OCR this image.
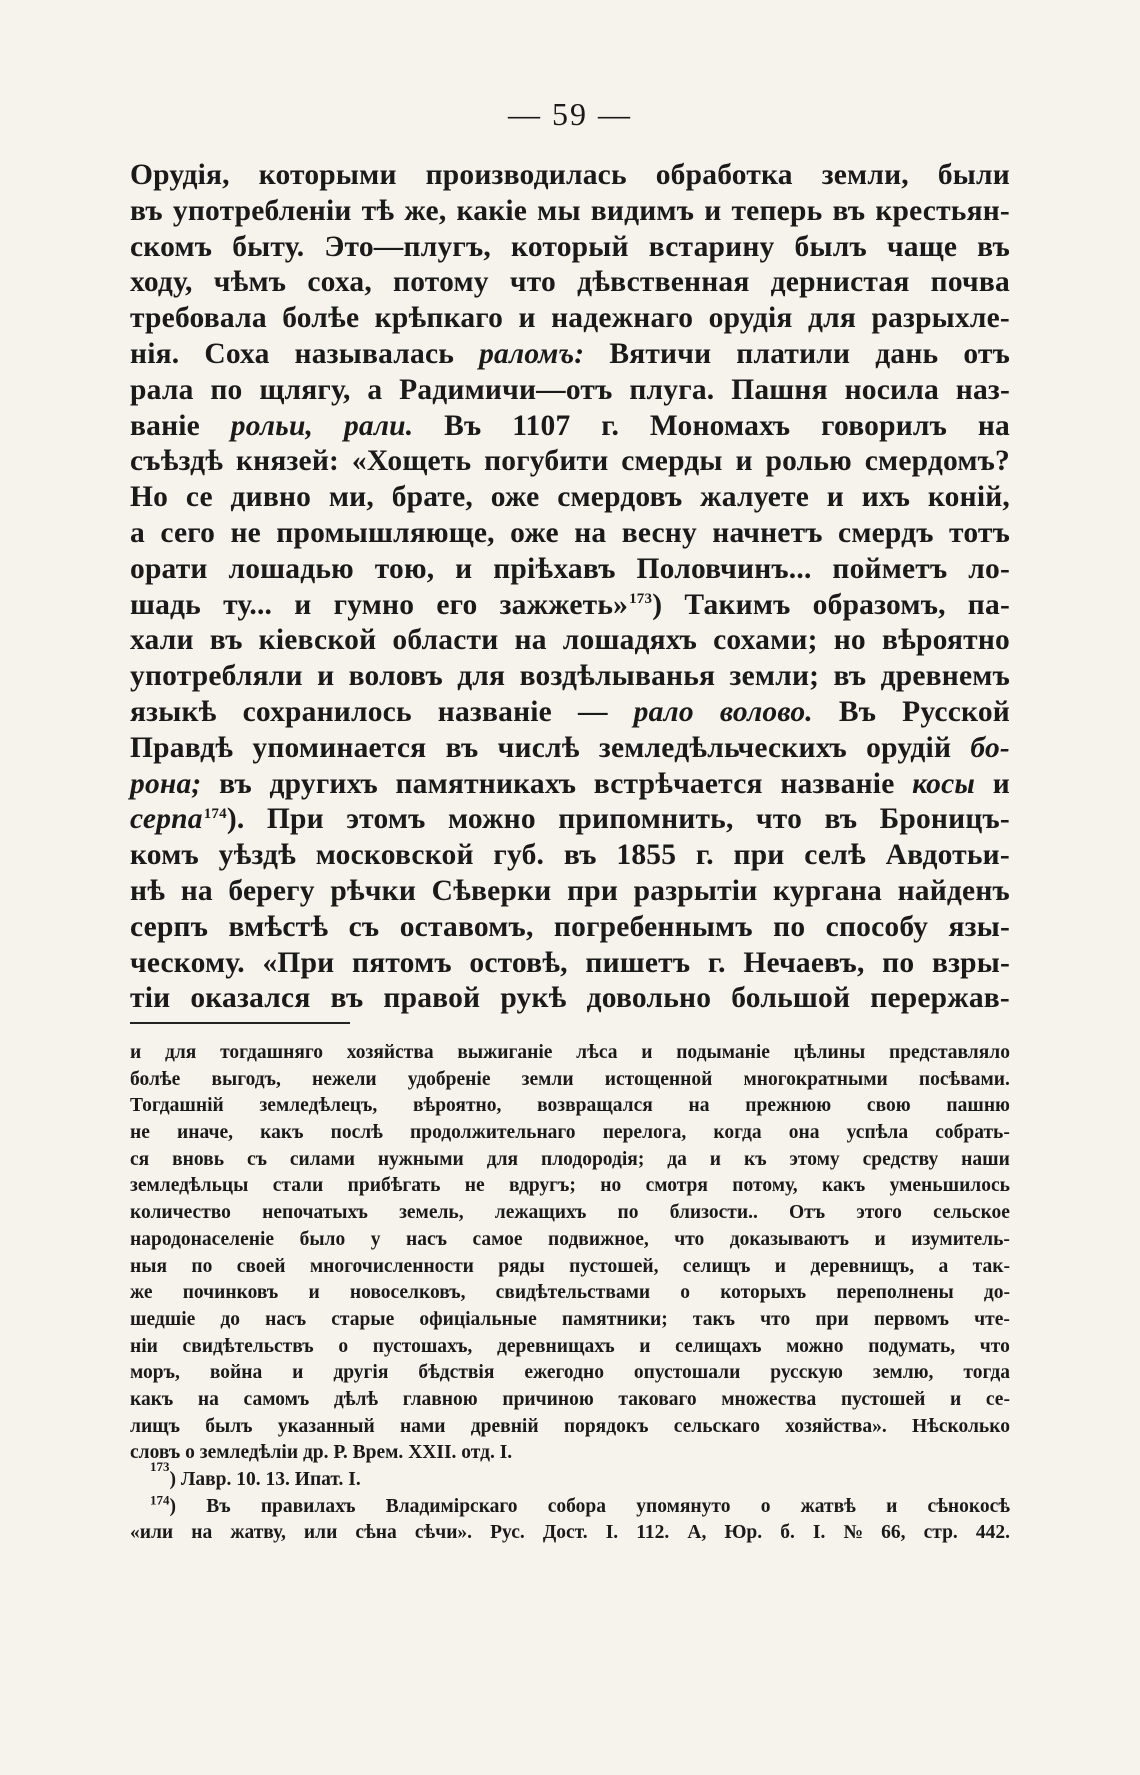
— 59 —
Орудія, которыми производилась обработка земли, были
въ употребленіи тѣ же, какіе мы видимъ и теперь въ крестьян-
скомъ быту. Это—плугъ, который встарину былъ чаще въ
ходу, чѣмъ соха, потому что дѣвственная дернистая почва
требовала болѣе крѣпкаго и надежнаго орудія для разрыхле-
нія. Соха называлась раломъ: Вятичи платили дань отъ
рала по щлягу, а Радимичи—отъ плуга. Пашня носила наз-
ваніе рольи, рали. Въ 1107 г. Мономахъ говорилъ на
съѣздѣ князей: «Хощеть погубити смерды и ролью смердомъ?
Но се дивно ми, брате, оже смердовъ жалуете и ихъ коній,
а сего не промышляюще, оже на весну начнетъ смердъ тотъ
орати лошадью тою, и пріѣхавъ Половчинъ... пойметъ ло-
шадь ту... и гумно его зажжеть»$^{173}$) Такимъ образомъ, па-
хали въ кіевской области на лошадяхъ сохами; но вѣроятно
употребляли и воловъ для воздѣлыванья земли; въ древнемъ
языкѣ сохранилось названіе — рало волово. Въ Русской
Правдѣ упоминается въ числѣ земледѣльческихъ орудій бо-
рона; въ другихъ памятникахъ встрѣчается названіе косы и
серпа$^{174}$). При этомъ можно припомнить, что въ Броницъ-
комъ уѣздѣ московской губ. въ 1855 г. при селѣ Авдотьи-
нѣ на берегу рѣчки Сѣверки при разрытіи кургана найденъ
серпъ вмѣстѣ съ оставомъ, погребеннымъ по способу язы-
ческому. «При пятомъ остовѣ, пишетъ г. Нечаевъ, по взры-
тіи оказался въ правой рукѣ довольно большой перержав-
и для тогдашняго хозяйства выжиганіе лѣса и подыманіе цѣлины представляло
болѣе выгодъ, нежели удобреніе земли истощенной многократными посѣвами.
Тогдашній земледѣлецъ, вѣроятно, возвращался на прежнюю свою пашню
не иначе, какъ послѣ продолжительнаго перелога, когда она успѣла собрать-
ся вновь съ силами нужными для плодородія; да и къ этому средству наши
земледѣльцы стали прибѣгать не вдругъ; но смотря потому, какъ уменьшилось
количество непочатыхъ земель, лежащихъ по близости.. Отъ этого сельское
народонаселеніе было у насъ самое подвижное, что доказываютъ и изумитель-
ныя по своей многочисленности ряды пустошей, селищъ и деревнищъ, а так-
же починковъ и новоселковъ, свидѣтельствами о которыхъ переполнены до-
шедшіе до насъ старые офиціальные памятники; такъ что при первомъ чте-
ніи свидѣтельствъ о пустошахъ, деревнищахъ и селищахъ можно подумать, что
моръ, война и другія бѣдствія ежегодно опустошали русскую землю, тогда
какъ на самомъ дѣлѣ главною причиною таковаго множества пустошей и се-
лищъ былъ указанный нами древній порядокъ сельскаго хозяйства». Нѣсколько
словъ о земледѣліи др. Р. Врем. XXII. отд. I.
173
) Лавр. 10. 13. Ипат. I.
$^{174}$) Въ правилахъ Владимірскаго собора упомянуто о жатвѣ и сѣнокосѣ
«или на жатву, или сѣна сѣчи». Рус. Дост. I. 112. А, Юр. б. I. № 66, стр. 442.
